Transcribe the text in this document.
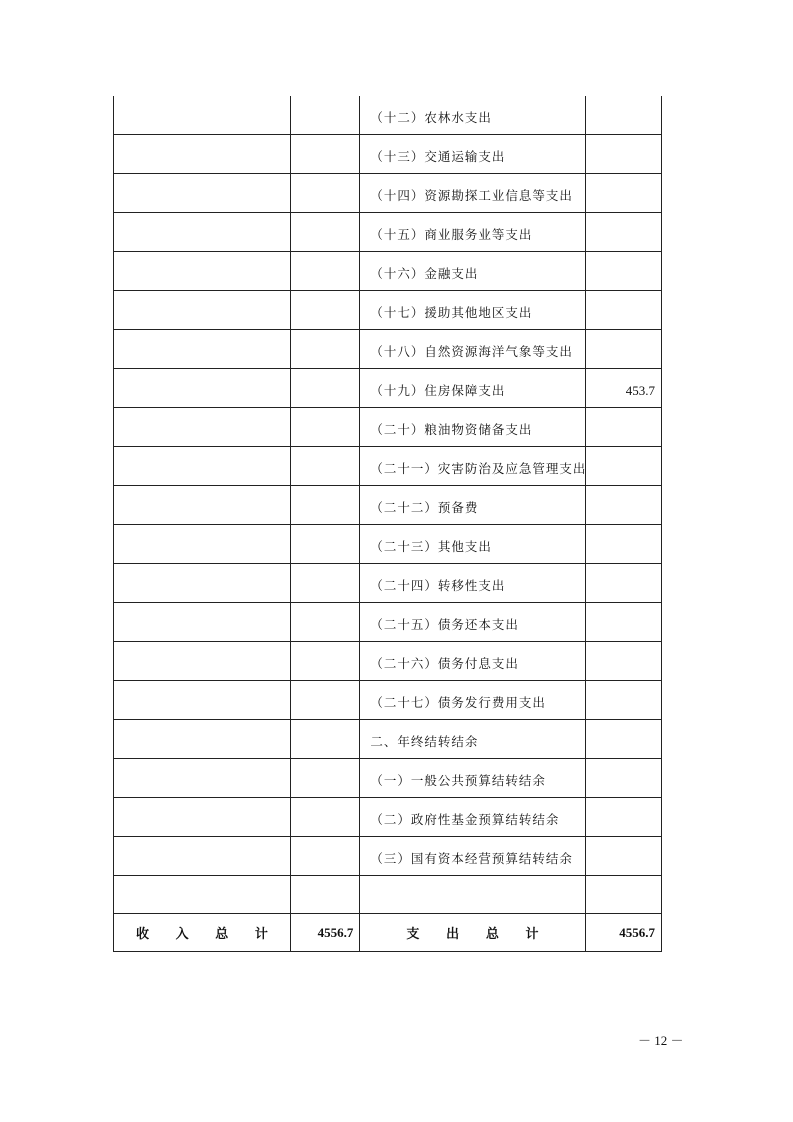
		（十二）农林水支出	

		（十三）交通运输支出	

		（十四）资源勘探工业信息等支出	

		（十五）商业服务业等支出	

		（十六）金融支出	

		（十七）援助其他地区支出	

		（十八）自然资源海洋气象等支出	

		（十九）住房保障支出	453.7

		（二十）粮油物资储备支出	

		（二十一）灾害防治及应急管理支出	

		（二十二）预备费	

		（二十三）其他支出	

		（二十四）转移性支出	

		（二十五）债务还本支出	

		（二十六）债务付息支出	

		（二十七）债务发行费用支出	

		二、年终结转结余	

		（一）一般公共预算结转结余	

		（二）政府性基金预算结转结余	

		（三）国有资本经营预算结转结余	

收 入 总 计	4556.7	支 出 总 计	4556.7
－ 12 －
